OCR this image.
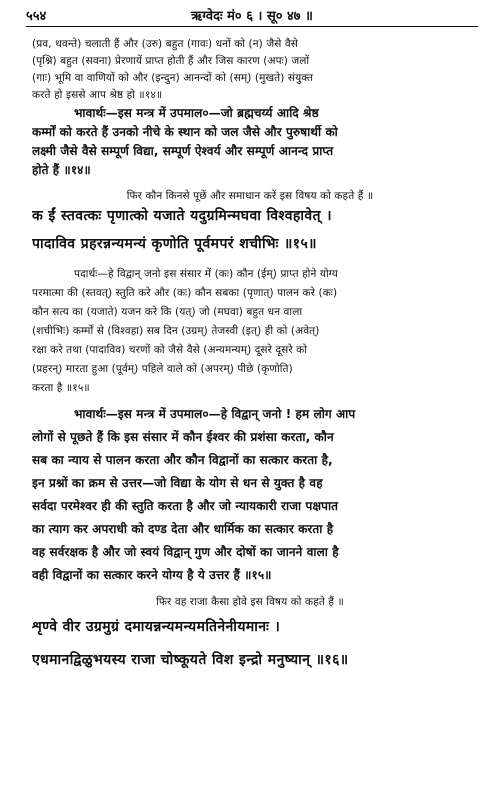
५५४	ऋग्वेदः मं० ६ । सू० ४७ ॥
(प्रव, थवन्ते) चलाती हैं और (उरु) बहुत (गावः) धनों को (न) जैसे वैसे
(पृश्नि) बहुत (सवना) प्रेरणायें प्राप्त होती हैं और जिस कारण (अपः) जलों
(गाः) भूमि वा वाणियों को और (इन्दुन) आनन्दों को (सम्) (मुखते) संयुक्त
करते हो इससे आप श्रेष्ठ हो ॥१४॥
भावार्थः—इस मन्त्र में उपमाल०—जो ब्रह्मचर्य्य आदि श्रेष्ठ
कर्म्मों को करते हैं उनको नीचे के स्थान को जल जैसे और पुरुषार्थी को
लक्ष्मी जैसे वैसे सम्पूर्ण विद्या, सम्पूर्ण ऐश्वर्य और सम्पूर्ण आनन्द प्राप्त
होते हैं ॥१४॥
फिर कौन किनसे पूछें और समाधान करें इस विषय को कहते हैं ॥
क ईं स्तवत्कः पृणात्को यजाते यदुग्रमिन्मघवा विश्वहावेत् ।
पादाविव प्रहरन्नन्यमन्यं कृणोति पूर्वमपरं शचीभिः ॥१५॥
पदार्थः—हे विद्वान् जनो इस संसार में (कः) कौन (ईम्) प्राप्त होने योग्य
परमात्मा की (स्तवत्) स्तुति करे और (कः) कौन सबका (पृणात्) पालन करे (कः)
कौन सत्य का (यजाते) यजन करे कि (यत्) जो (मघवा) बहुत धन वाला
(शचीभिः) कर्म्मों से (विश्वहा) सब दिन (उग्रम्) तेजस्वी (इत्) ही को (अवेत्)
रक्षा करे तथा (पादाविव) चरणों को जैसे वैसे (अन्यमन्यम्) दूसरे दूसरे को
(प्रहरन्) मारता हुआ (पूर्वम्) पहिले वाले को (अपरम्) पीछे (कृणोति)
करता है ॥१५॥
भावार्थः—इस मन्त्र में उपमाल०—हे विद्वान् जनो ! हम लोग आप
लोगों से पूछते हैं कि इस संसार में कौन ईश्वर की प्रशंसा करता, कौन
सब का न्याय से पालन करता और कौन विद्वानों का सत्कार करता है,
इन प्रश्नों का क्रम से उत्तर—जो विद्या के योग से धन से युक्त है वह
सर्वदा परमेश्वर ही की स्तुति करता है और जो न्यायकारी राजा पक्षपात
का त्याग कर अपराधी को दण्ड देता और धार्मिक का सत्कार करता है
वह सर्वरक्षक है और जो स्वयं विद्वान् गुण और दोषों का जानने वाला है
वही विद्वानों का सत्कार करने योग्य है ये उत्तर हैं ॥१५॥
फिर वह राजा कैसा होवे इस विषय को कहते हैं ॥
शृण्वे वीर उग्रमुग्रं दमायन्नन्यमन्यमतिनेनीयमानः ।
एधमानद्विळुभयस्य राजा चोष्कूयते विश इन्द्रो मनुष्यान् ॥१६॥
